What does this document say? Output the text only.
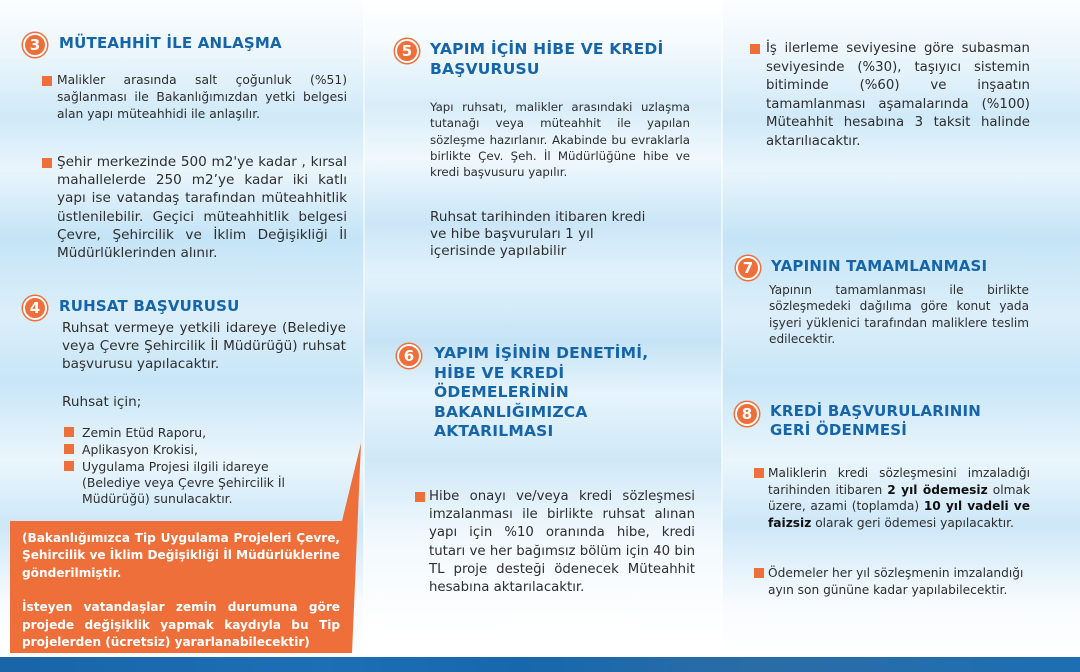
3	MÜTEAHHİT İLE ANLAŞMA
Malikler arasında salt çoğunluk (%51) sağlanması ile Bakanlığımızdan yetki belgesi alan yapı müteahhidi ile anlaşılır.
Şehir merkezinde 500 m2'ye kadar , kırsal mahallelerde 250 m2’ye kadar iki katlı yapı ise vatandaş tarafından müteahhitlik üstlenilebilir. Geçici müteahhitlik belgesi Çevre, Şehircilik ve İklim Değişikliği İl Müdürlüklerinden alınır.
4	RUHSAT BAŞVURUSU
Ruhsat vermeye yetkili idareye (Belediye veya Çevre Şehircilik İl Müdürüğü) ruhsat başvurusu yapılacaktır.
Ruhsat için;
Zemin Etüd Raporu,
Aplikasyon Krokisi,
Uygulama Projesi ilgili idareye (Belediye veya Çevre Şehircilik İl Müdürüğü) sunulacaktır.

(Bakanlığımızca Tip Uygulama Projeleri Çevre, Şehircilik ve İklim Değişikliği İl Müdürlüklerine gönderilmiştir.

İsteyen vatandaşlar zemin durumuna göre projede değişiklik yapmak kaydıyla bu Tip projelerden (ücretsiz) yararlanabilecektir)

5	YAPIM İÇİN HİBE VE KREDİ
BAŞVURUSU
Yapı ruhsatı, malikler arasındaki uzlaşma tutanağı veya müteahhit ile yapılan sözleşme hazırlanır. Akabinde bu evraklarla birlikte Çev. Şeh. İl Müdürlüğüne hibe ve kredi başvusuru yapılır.
Ruhsat tarihinden itibaren kredi
ve hibe başvuruları 1 yıl
içerisinde yapılabilir
6	YAPIM İŞİNİN DENETİMİ,
HİBE VE KREDİ
ÖDEMELERİNİN
BAKANLIĞIMIZCA
AKTARILMASI
Hibe onayı ve/veya kredi sözleşmesi imzalanması ile birlikte ruhsat alınan yapı için %10 oranında hibe, kredi tutarı ve her bağımsız bölüm için 40 bin TL proje desteği ödenecek Müteahhit hesabına aktarılacaktır.
İş ilerleme seviyesine göre subasman seviyesinde (%30), taşıyıcı sistemin bitiminde (%60) ve inşaatın tamamlanması aşamalarında (%100) Müteahhit hesabına 3 taksit halinde aktarılıacaktır.
7	YAPININ TAMAMLANMASI
Yapının tamamlanması ile birlikte sözleşmedeki dağılıma göre konut yada işyeri yüklenici tarafından maliklere teslim edilecektir.
8	KREDİ BAŞVURULARININ
GERİ ÖDENMESİ
Maliklerin kredi sözleşmesini imzaladığı tarihinden itibaren 2 yıl ödemesiz olmak üzere, azami (toplamda) 10 yıl vadeli ve faizsiz olarak geri ödemesi yapılacaktır.
Ödemeler her yıl sözleşmenin imzalandığı ayın son gününe kadar yapılabilecektir.
